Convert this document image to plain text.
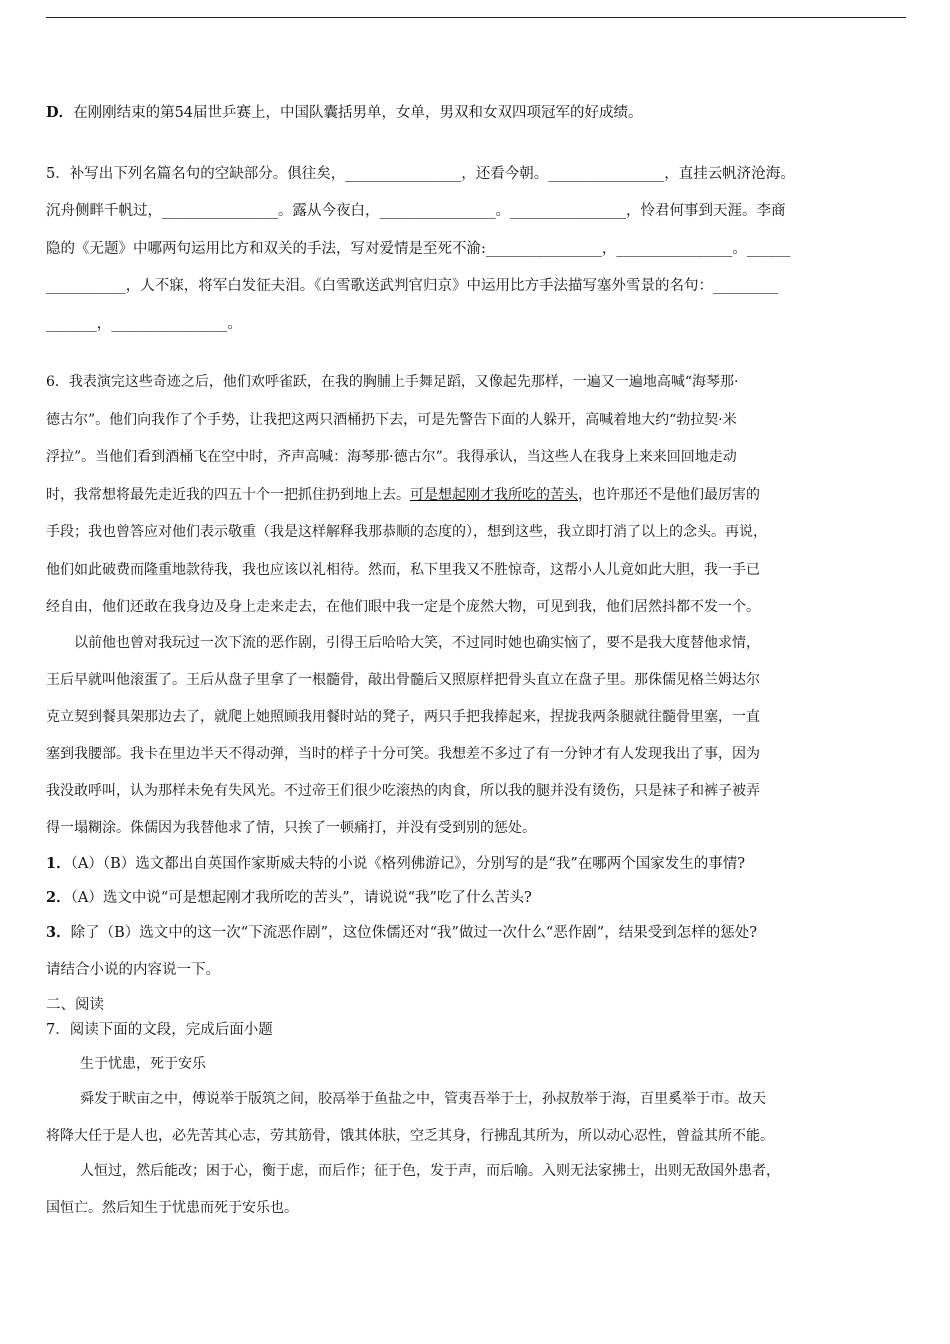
D．在刚刚结束的第54届世乒赛上，中国队囊括男单，女单，男双和女双四项冠军的好成绩。
5．补写出下列名篇名句的空缺部分。俱往矣，________________，还看今朝。________________，直挂云帆济沧海。
沉舟侧畔千帆过，________________。露从今夜白，________________。________________，怜君何事到天涯。李商
隐的《无题》中哪两句运用比方和双关的手法，写对爱情是至死不渝:________________，________________。______
___________，人不寐，将军白发征夫泪。《白雪歌送武判官归京》中运用比方手法描写塞外雪景的名句：_________
_______，________________。
6．我表演完这些奇迹之后，他们欢呼雀跃，在我的胸脯上手舞足蹈，又像起先那样，一遍又一遍地高喊“海琴那·
德古尔”。他们向我作了个手势，让我把这两只酒桶扔下去，可是先警告下面的人躲开，高喊着地大约“勃拉契·米
浮拉”。当他们看到酒桶飞在空中时，齐声高喊：海琴那·德古尔”。我得承认，当这些人在我身上来来回回地走动
时，我常想将最先走近我的四五十个一把抓住扔到地上去。可是想起刚才我所吃的苦头，也许那还不是他们最厉害的
手段；我也曾答应对他们表示敬重（我是这样解释我那恭顺的态度的），想到这些，我立即打消了以上的念头。再说，
他们如此破费而隆重地款待我，我也应该以礼相待。然而，私下里我又不胜惊奇，这帮小人儿竟如此大胆，我一手已
经自由，他们还敢在我身边及身上走来走去，在他们眼中我一定是个庞然大物，可见到我，他们居然抖都不发一个。
　　以前他也曾对我玩过一次下流的恶作剧，引得王后哈哈大笑，不过同时她也确实恼了，要不是我大度替他求情，
王后早就叫他滚蛋了。王后从盘子里拿了一根髓骨，敲出骨髓后又照原样把骨头直立在盘子里。那侏儒见格兰姆达尔
克立契到餐具架那边去了，就爬上她照顾我用餐时站的凳子，两只手把我捧起来，捏拢我两条腿就往髓骨里塞，一直
塞到我腰部。我卡在里边半天不得动弹，当时的样子十分可笑。我想差不多过了有一分钟才有人发现我出了事，因为
我没敢呼叫，认为那样未免有失风光。不过帝王们很少吃滚热的肉食，所以我的腿并没有烫伤，只是袜子和裤子被弄
得一塌糊涂。侏儒因为我替他求了情，只挨了一顿痛打，并没有受到别的惩处。
1．（A）（B）选文都出自英国作家斯威夫特的小说《格列佛游记》，分别写的是“我”在哪两个国家发生的事情?
2．（A）选文中说“可是想起刚才我所吃的苦头”，请说说“我”吃了什么苦头?
3．除了（B）选文中的这一次“下流恶作剧”，这位侏儒还对“我”做过一次什么“恶作剧”，结果受到怎样的惩处?
请结合小说的内容说一下。
二、阅读
7．阅读下面的文段，完成后面小题
生于忧患，死于安乐
舜发于畎亩之中，傅说举于版筑之间，胶鬲举于鱼盐之中，管夷吾举于士，孙叔敖举于海，百里奚举于市。故天
将降大任于是人也，必先苦其心志，劳其筋骨，饿其体肤，空乏其身，行拂乱其所为，所以动心忍性，曾益其所不能。
人恒过，然后能改；困于心，衡于虑，而后作；征于色，发于声，而后喻。入则无法家拂士，出则无敌国外患者，
国恒亡。然后知生于忧患而死于安乐也。
